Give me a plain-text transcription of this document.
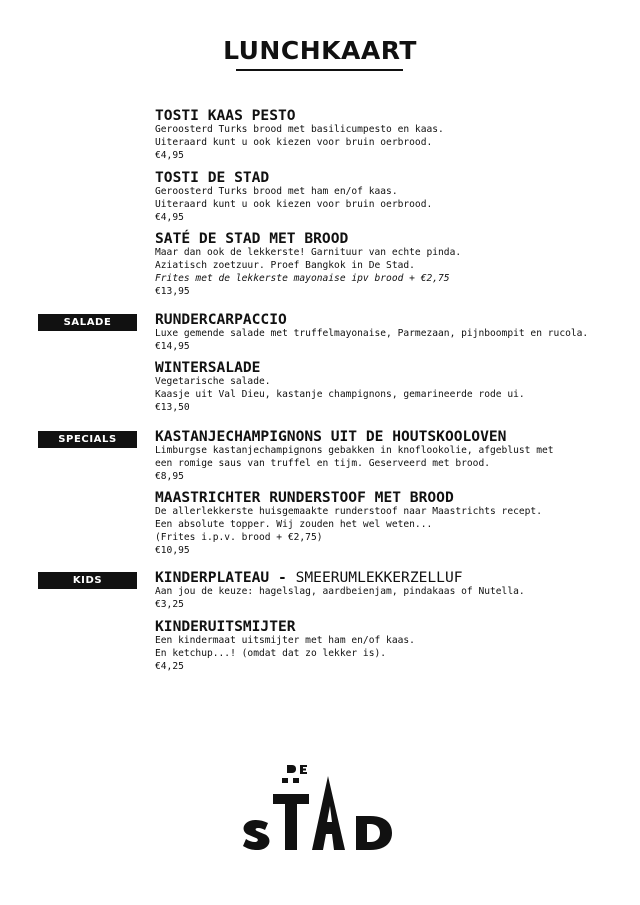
LUNCHKAART
TOSTI KAAS PESTO
Geroosterd Turks brood met basilicumpesto en kaas.
Uiteraard kunt u ook kiezen voor bruin oerbrood.
€4,95
TOSTI DE STAD
Geroosterd Turks brood met ham en/of kaas.
Uiteraard kunt u ook kiezen voor bruin oerbrood.
€4,95
SATÉ DE STAD MET BROOD
Maar dan ook de lekkerste! Garnituur van echte pinda.
Aziatisch zoetzuur. Proef Bangkok in De Stad.
Frites met de lekkerste mayonaise ipv brood + €2,75
€13,95
SALADE	RUNDERCARPACCIO
Luxe gemende salade met truffelmayonaise, Parmezaan, pijnboompit en rucola.
€14,95
WINTERSALADE
Vegetarische salade.
Kaasje uit Val Dieu, kastanje champignons, gemarineerde rode ui.
€13,50
SPECIALS	KASTANJECHAMPIGNONS UIT DE HOUTSKOOLOVEN
Limburgse kastanjechampignons gebakken in knoflookolie, afgeblust met
een romige saus van truffel en tijm. Geserveerd met brood.
€8,95
MAASTRICHTER RUNDERSTOOF MET BROOD
De allerlekkerste huisgemaakte runderstoof naar Maastrichts recept.
Een absolute topper. Wij zouden het wel weten...
(Frites i.p.v. brood + €2,75)
€10,95
KIDS	KINDERPLATEAU - SMEERUMLEKKERZELLUF
Aan jou de keuze: hagelslag, aardbeienjam, pindakaas of Nutella.
€3,25
KINDERUITSMIJTER
Een kindermaat uitsmijter met ham en/of kaas.
En ketchup...! (omdat dat zo lekker is).
€4,25
